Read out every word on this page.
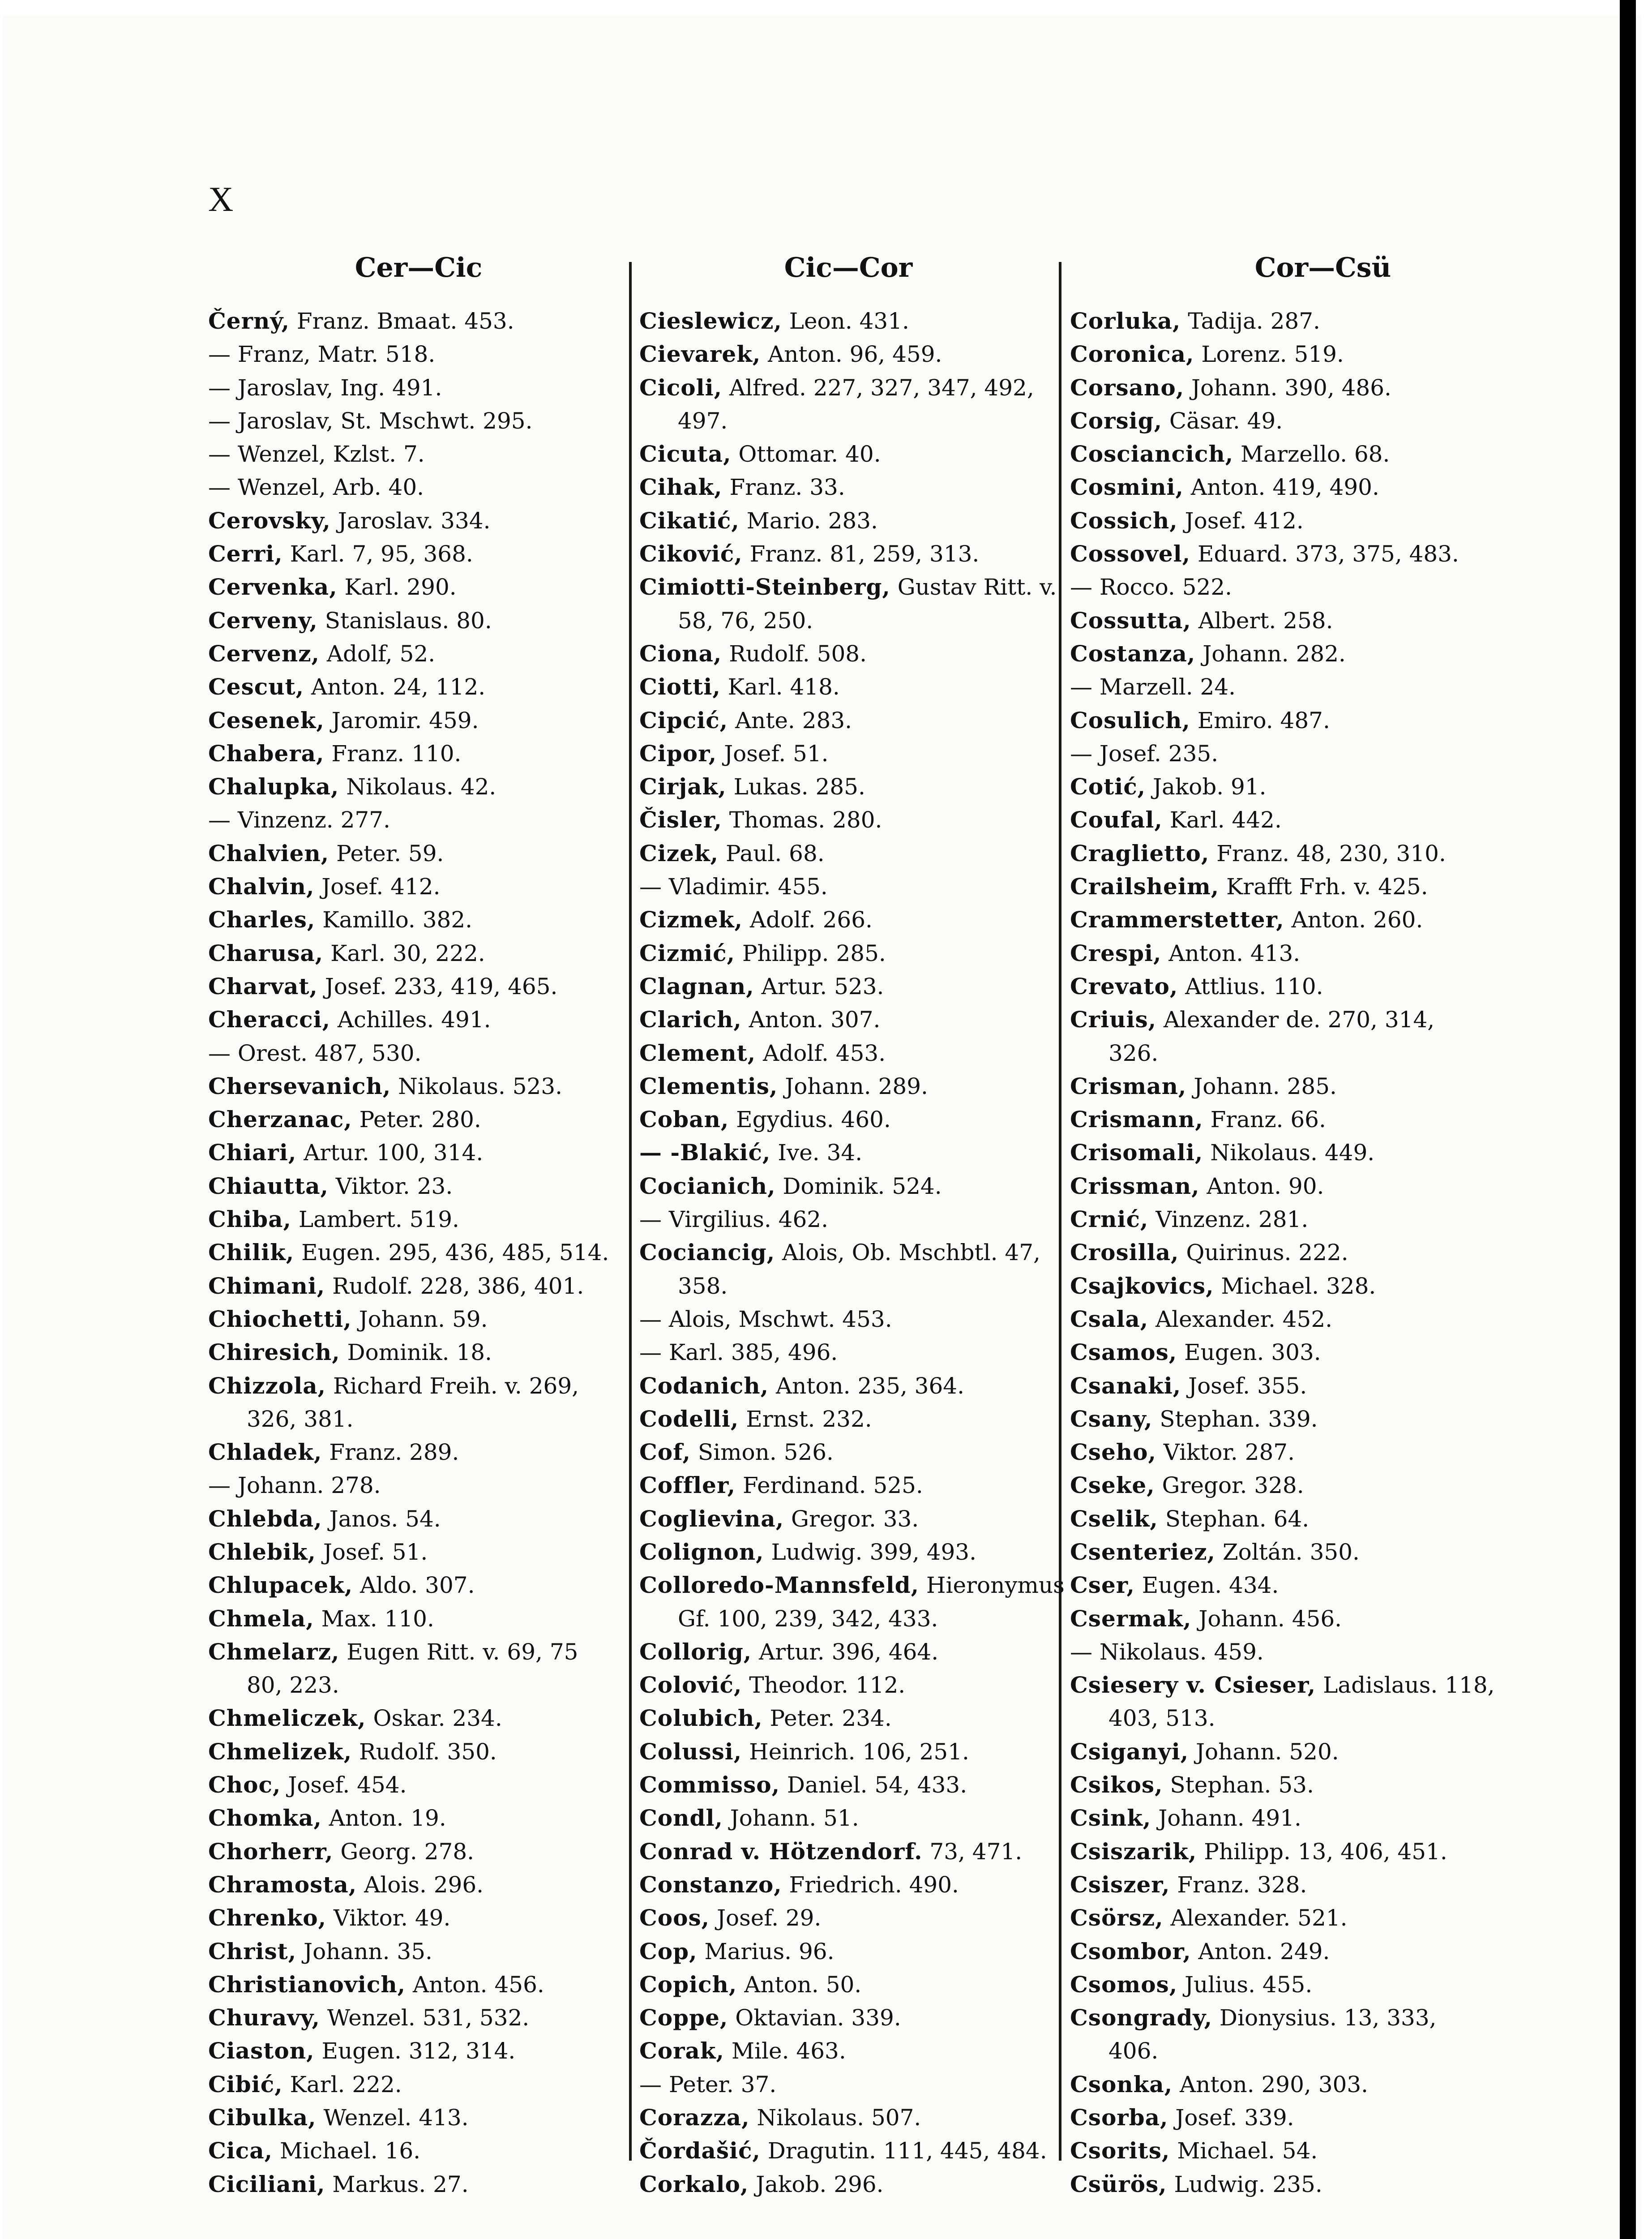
X
Cer—Cic	Cic—Cor	Cor—Csü
Černý, Franz. Bmaat. 453.
— Franz, Matr. 518.
— Jaroslav, Ing. 491.
— Jaroslav, St. Mschwt. 295.
— Wenzel, Kzlst. 7.
— Wenzel, Arb. 40.
Cerovsky, Jaroslav. 334.
Cerri, Karl. 7, 95, 368.
Cervenka, Karl. 290.
Cerveny, Stanislaus. 80.
Cervenz, Adolf, 52.
Cescut, Anton. 24, 112.
Cesenek, Jaromir. 459.
Chabera, Franz. 110.
Chalupka, Nikolaus. 42.
— Vinzenz. 277.
Chalvien, Peter. 59.
Chalvin, Josef. 412.
Charles, Kamillo. 382.
Charusa, Karl. 30, 222.
Charvat, Josef. 233, 419, 465.
Cheracci, Achilles. 491.
— Orest. 487, 530.
Chersevanich, Nikolaus. 523.
Cherzanac, Peter. 280.
Chiari, Artur. 100, 314.
Chiautta, Viktor. 23.
Chiba, Lambert. 519.
Chilik, Eugen. 295, 436, 485, 514.
Chimani, Rudolf. 228, 386, 401.
Chiochetti, Johann. 59.
Chiresich, Dominik. 18.
Chizzola, Richard Freih. v. 269,
326, 381.
Chladek, Franz. 289.
— Johann. 278.
Chlebda, Janos. 54.
Chlebik, Josef. 51.
Chlupacek, Aldo. 307.
Chmela, Max. 110.
Chmelarz, Eugen Ritt. v. 69, 75
80, 223.
Chmeliczek, Oskar. 234.
Chmelizek, Rudolf. 350.
Choc, Josef. 454.
Chomka, Anton. 19.
Chorherr, Georg. 278.
Chramosta, Alois. 296.
Chrenko, Viktor. 49.
Christ, Johann. 35.
Christianovich, Anton. 456.
Churavy, Wenzel. 531, 532.
Ciaston, Eugen. 312, 314.
Cibić, Karl. 222.
Cibulka, Wenzel. 413.
Cica, Michael. 16.
Ciciliani, Markus. 27.
Cieslewicz, Leon. 431.
Cievarek, Anton. 96, 459.
Cicoli, Alfred. 227, 327, 347, 492,
497.
Cicuta, Ottomar. 40.
Cihak, Franz. 33.
Cikatić, Mario. 283.
Ciković, Franz. 81, 259, 313.
Cimiotti-Steinberg, Gustav Ritt. v.
58, 76, 250.
Ciona, Rudolf. 508.
Ciotti, Karl. 418.
Cipcić, Ante. 283.
Cipor, Josef. 51.
Cirjak, Lukas. 285.
Čisler, Thomas. 280.
Cizek, Paul. 68.
— Vladimir. 455.
Cizmek, Adolf. 266.
Cizmić, Philipp. 285.
Clagnan, Artur. 523.
Clarich, Anton. 307.
Clement, Adolf. 453.
Clementis, Johann. 289.
Coban, Egydius. 460.
— -Blakić, Ive. 34.
Cocianich, Dominik. 524.
— Virgilius. 462.
Cociancig, Alois, Ob. Mschbtl. 47,
358.
— Alois, Mschwt. 453.
— Karl. 385, 496.
Codanich, Anton. 235, 364.
Codelli, Ernst. 232.
Cof, Simon. 526.
Coffler, Ferdinand. 525.
Coglievina, Gregor. 33.
Colignon, Ludwig. 399, 493.
Colloredo-Mannsfeld, Hieronymus
Gf. 100, 239, 342, 433.
Collorig, Artur. 396, 464.
Colović, Theodor. 112.
Colubich, Peter. 234.
Colussi, Heinrich. 106, 251.
Commisso, Daniel. 54, 433.
Condl, Johann. 51.
Conrad v. Hötzendorf. 73, 471.
Constanzo, Friedrich. 490.
Coos, Josef. 29.
Cop, Marius. 96.
Copich, Anton. 50.
Coppe, Oktavian. 339.
Corak, Mile. 463.
— Peter. 37.
Corazza, Nikolaus. 507.
Čordašić, Dragutin. 111, 445, 484.
Corkalo, Jakob. 296.
Corluka, Tadija. 287.
Coronica, Lorenz. 519.
Corsano, Johann. 390, 486.
Corsig, Cäsar. 49.
Cosciancich, Marzello. 68.
Cosmini, Anton. 419, 490.
Cossich, Josef. 412.
Cossovel, Eduard. 373, 375, 483.
— Rocco. 522.
Cossutta, Albert. 258.
Costanza, Johann. 282.
— Marzell. 24.
Cosulich, Emiro. 487.
— Josef. 235.
Cotić, Jakob. 91.
Coufal, Karl. 442.
Craglietto, Franz. 48, 230, 310.
Crailsheim, Krafft Frh. v. 425.
Crammerstetter, Anton. 260.
Crespi, Anton. 413.
Crevato, Attlius. 110.
Criuis, Alexander de. 270, 314,
326.
Crisman, Johann. 285.
Crismann, Franz. 66.
Crisomali, Nikolaus. 449.
Crissman, Anton. 90.
Crnić, Vinzenz. 281.
Crosilla, Quirinus. 222.
Csajkovics, Michael. 328.
Csala, Alexander. 452.
Csamos, Eugen. 303.
Csanaki, Josef. 355.
Csany, Stephan. 339.
Cseho, Viktor. 287.
Cseke, Gregor. 328.
Cselik, Stephan. 64.
Csenteriez, Zoltán. 350.
Cser, Eugen. 434.
Csermak, Johann. 456.
— Nikolaus. 459.
Csiesery v. Csieser, Ladislaus. 118,
403, 513.
Csiganyi, Johann. 520.
Csikos, Stephan. 53.
Csink, Johann. 491.
Csiszarik, Philipp. 13, 406, 451.
Csiszer, Franz. 328.
Csörsz, Alexander. 521.
Csombor, Anton. 249.
Csomos, Julius. 455.
Csongrady, Dionysius. 13, 333,
406.
Csonka, Anton. 290, 303.
Csorba, Josef. 339.
Csorits, Michael. 54.
Csürös, Ludwig. 235.
